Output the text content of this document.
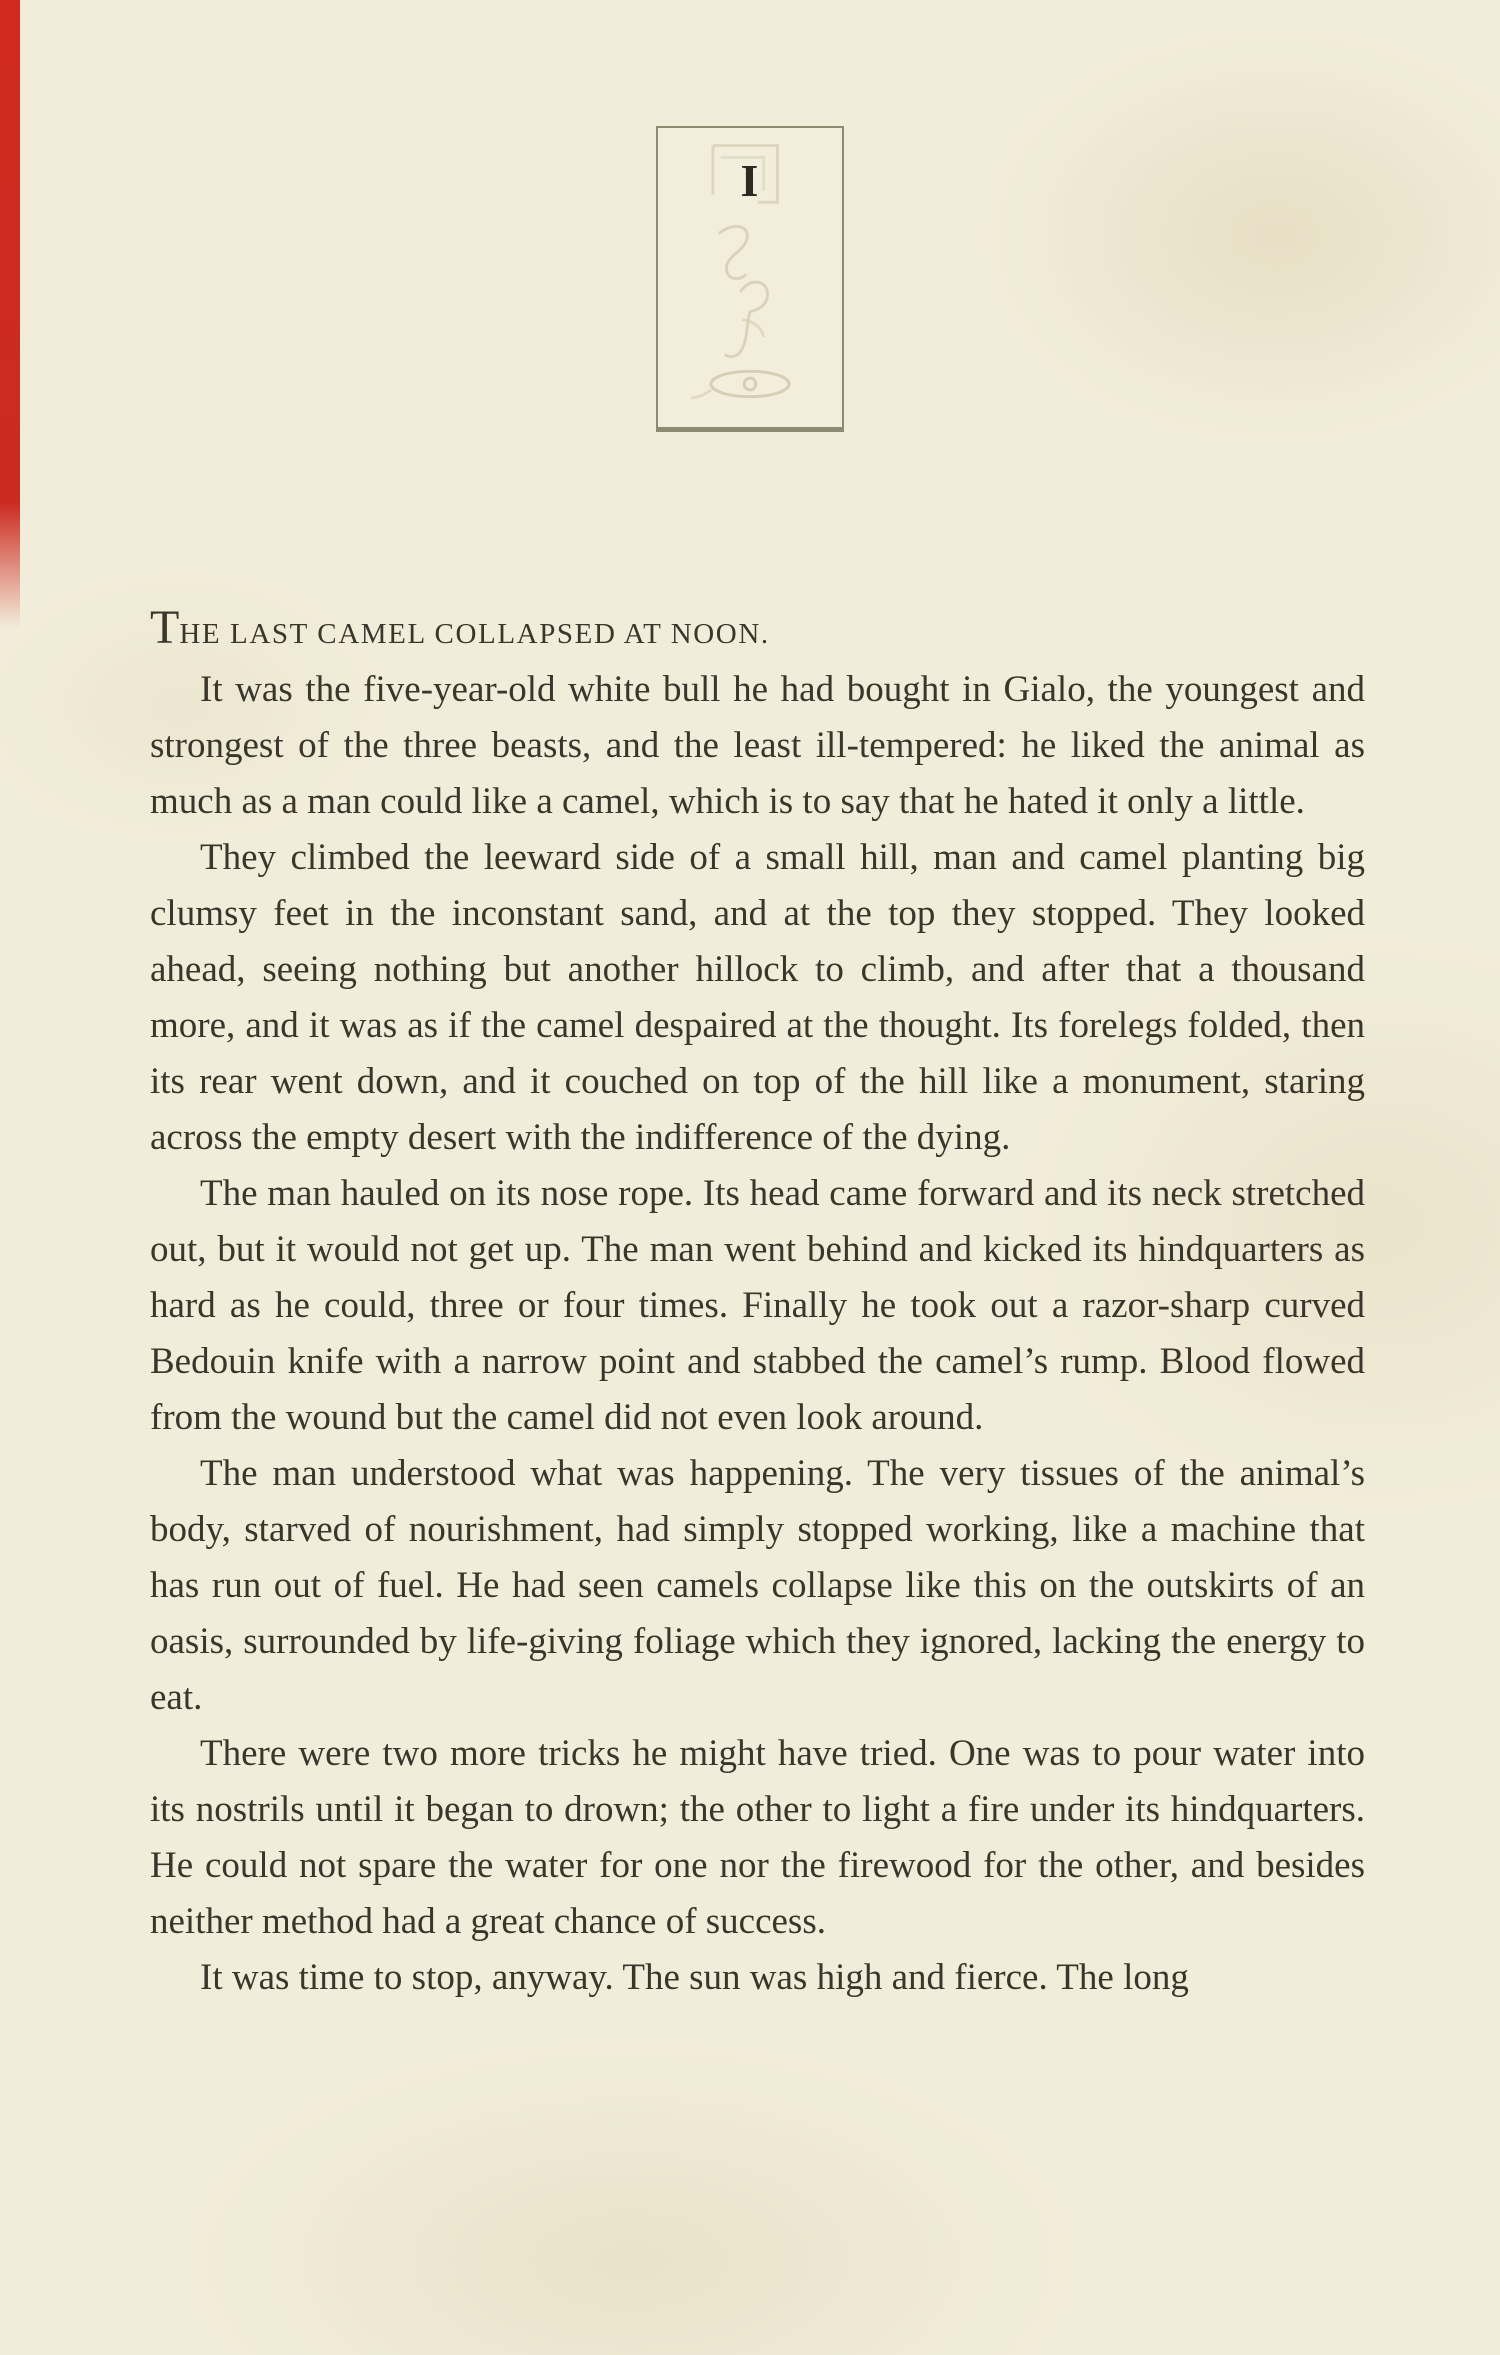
I

THE LAST CAMEL COLLAPSED AT NOON.

It was the five-year-old white bull he had bought in Gialo, the youngest and strongest of the three beasts, and the least ill-tempered: he liked the animal as much as a man could like a camel, which is to say that he hated it only a little.

They climbed the leeward side of a small hill, man and camel planting big clumsy feet in the inconstant sand, and at the top they stopped. They looked ahead, seeing nothing but another hillock to climb, and after that a thousand more, and it was as if the camel despaired at the thought. Its forelegs folded, then its rear went down, and it couched on top of the hill like a monument, staring across the empty desert with the indifference of the dying.

The man hauled on its nose rope. Its head came forward and its neck stretched out, but it would not get up. The man went behind and kicked its hindquarters as hard as he could, three or four times. Finally he took out a razor-sharp curved Bedouin knife with a narrow point and stabbed the camel’s rump. Blood flowed from the wound but the camel did not even look around.

The man understood what was happening. The very tissues of the animal’s body, starved of nourishment, had simply stopped working, like a machine that has run out of fuel. He had seen camels collapse like this on the outskirts of an oasis, surrounded by life-giving foliage which they ignored, lacking the energy to eat.

There were two more tricks he might have tried. One was to pour water into its nostrils until it began to drown; the other to light a fire under its hindquarters. He could not spare the water for one nor the firewood for the other, and besides neither method had a great chance of success.

It was time to stop, anyway. The sun was high and fierce. The long
